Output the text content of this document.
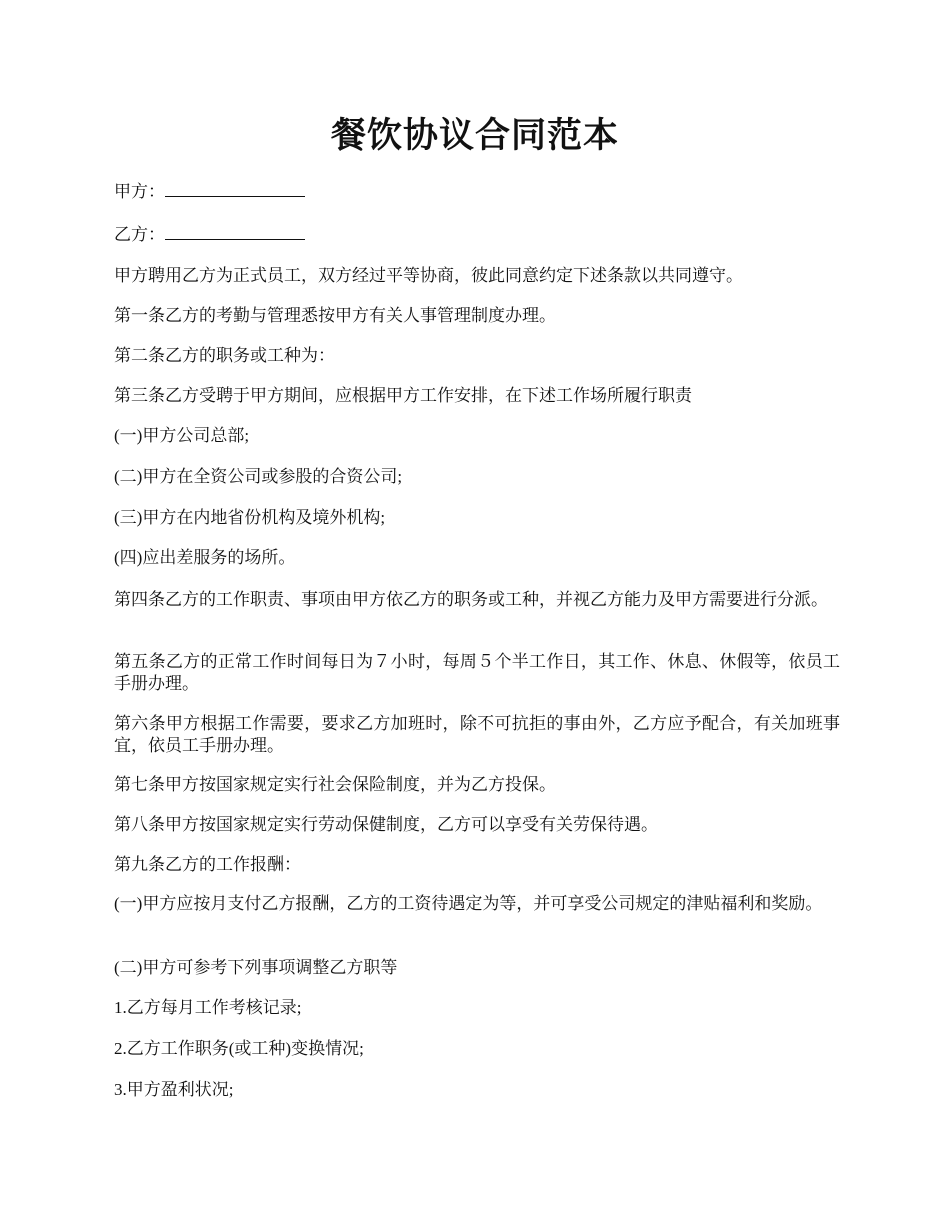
餐饮协议合同范本

甲方：

乙方：

甲方聘用乙方为正式员工，双方经过平等协商，彼此同意约定下述条款以共同遵守。

第一条乙方的考勤与管理悉按甲方有关人事管理制度办理。

第二条乙方的职务或工种为：

第三条乙方受聘于甲方期间，应根据甲方工作安排，在下述工作场所履行职责

(一)甲方公司总部;

(二)甲方在全资公司或参股的合资公司;

(三)甲方在内地省份机构及境外机构;

(四)应出差服务的场所。

第四条乙方的工作职责、事项由甲方依乙方的职务或工种，并视乙方能力及甲方需要进行分派。

第五条乙方的正常工作时间每日为７小时，每周５个半工作日，其工作、休息、休假等，依员工手册办理。

第六条甲方根据工作需要，要求乙方加班时，除不可抗拒的事由外，乙方应予配合，有关加班事宜，依员工手册办理。

第七条甲方按国家规定实行社会保险制度，并为乙方投保。

第八条甲方按国家规定实行劳动保健制度，乙方可以享受有关劳保待遇。

第九条乙方的工作报酬：

(一)甲方应按月支付乙方报酬，乙方的工资待遇定为等，并可享受公司规定的津贴福利和奖励。

(二)甲方可参考下列事项调整乙方职等

1.乙方每月工作考核记录;

2.乙方工作职务(或工种)变换情况;

3.甲方盈利状况;
